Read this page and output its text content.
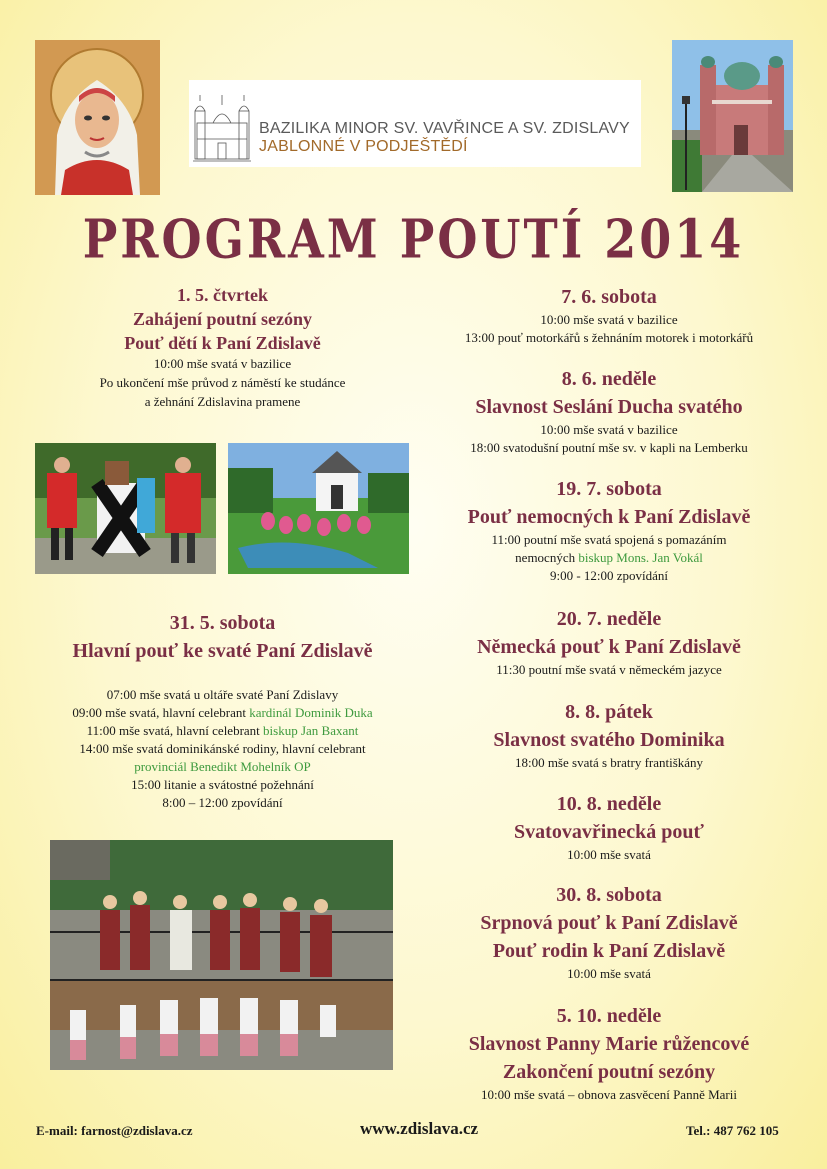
BAZILIKA MINOR SV. VAVŘINCE A SV. ZDISLAVY
JABLONNÉ V PODJEŠTĚDÍ
PROGRAM POUTÍ 2014
1. 5. čtvrtek
Zahájení poutní sezóny
Pouť dětí k Paní Zdislavě
10:00 mše svatá v bazilice
Po ukončení mše průvod z náměstí ke studánce
a žehnání Zdislavina pramene
31. 5. sobota
Hlavní pouť ke svaté Paní Zdislavě
07:00 mše svatá u oltáře svaté Paní Zdislavy
09:00 mše svatá, hlavní celebrant kardinál Dominik Duka
11:00 mše svatá, hlavní celebrant biskup Jan Baxant
14:00 mše svatá dominikánské rodiny, hlavní celebrant
provinciál Benedikt Mohelník OP
15:00 litanie a svátostné požehnání
8:00 – 12:00 zpovídání
7. 6. sobota
10:00 mše svatá v bazilice
13:00 pouť motorkářů s žehnáním motorek i motorkářů
8. 6. neděle
Slavnost Seslání Ducha svatého
10:00 mše svatá v bazilice
18:00 svatodušní poutní mše sv. v kapli na Lemberku
19. 7. sobota
Pouť nemocných k Paní Zdislavě
11:00 poutní mše svatá spojená s pomazáním
nemocných biskup Mons. Jan Vokál
9:00 - 12:00 zpovídání
20. 7. neděle
Německá pouť k Paní Zdislavě
11:30 poutní mše svatá v německém jazyce
8. 8. pátek
Slavnost svatého Dominika
18:00 mše svatá s bratry františkány
10. 8. neděle
Svatovavřinecká pouť
10:00 mše svatá
30. 8. sobota
Srpnová pouť k Paní Zdislavě
Pouť rodin k Paní Zdislavě
10:00 mše svatá
5. 10. neděle
Slavnost Panny Marie růžencové
Zakončení poutní sezóny
10:00 mše svatá – obnova zasvěcení Panně Marii
E-mail: farnost@zdislava.cz	www.zdislava.cz	Tel.: 487 762 105
